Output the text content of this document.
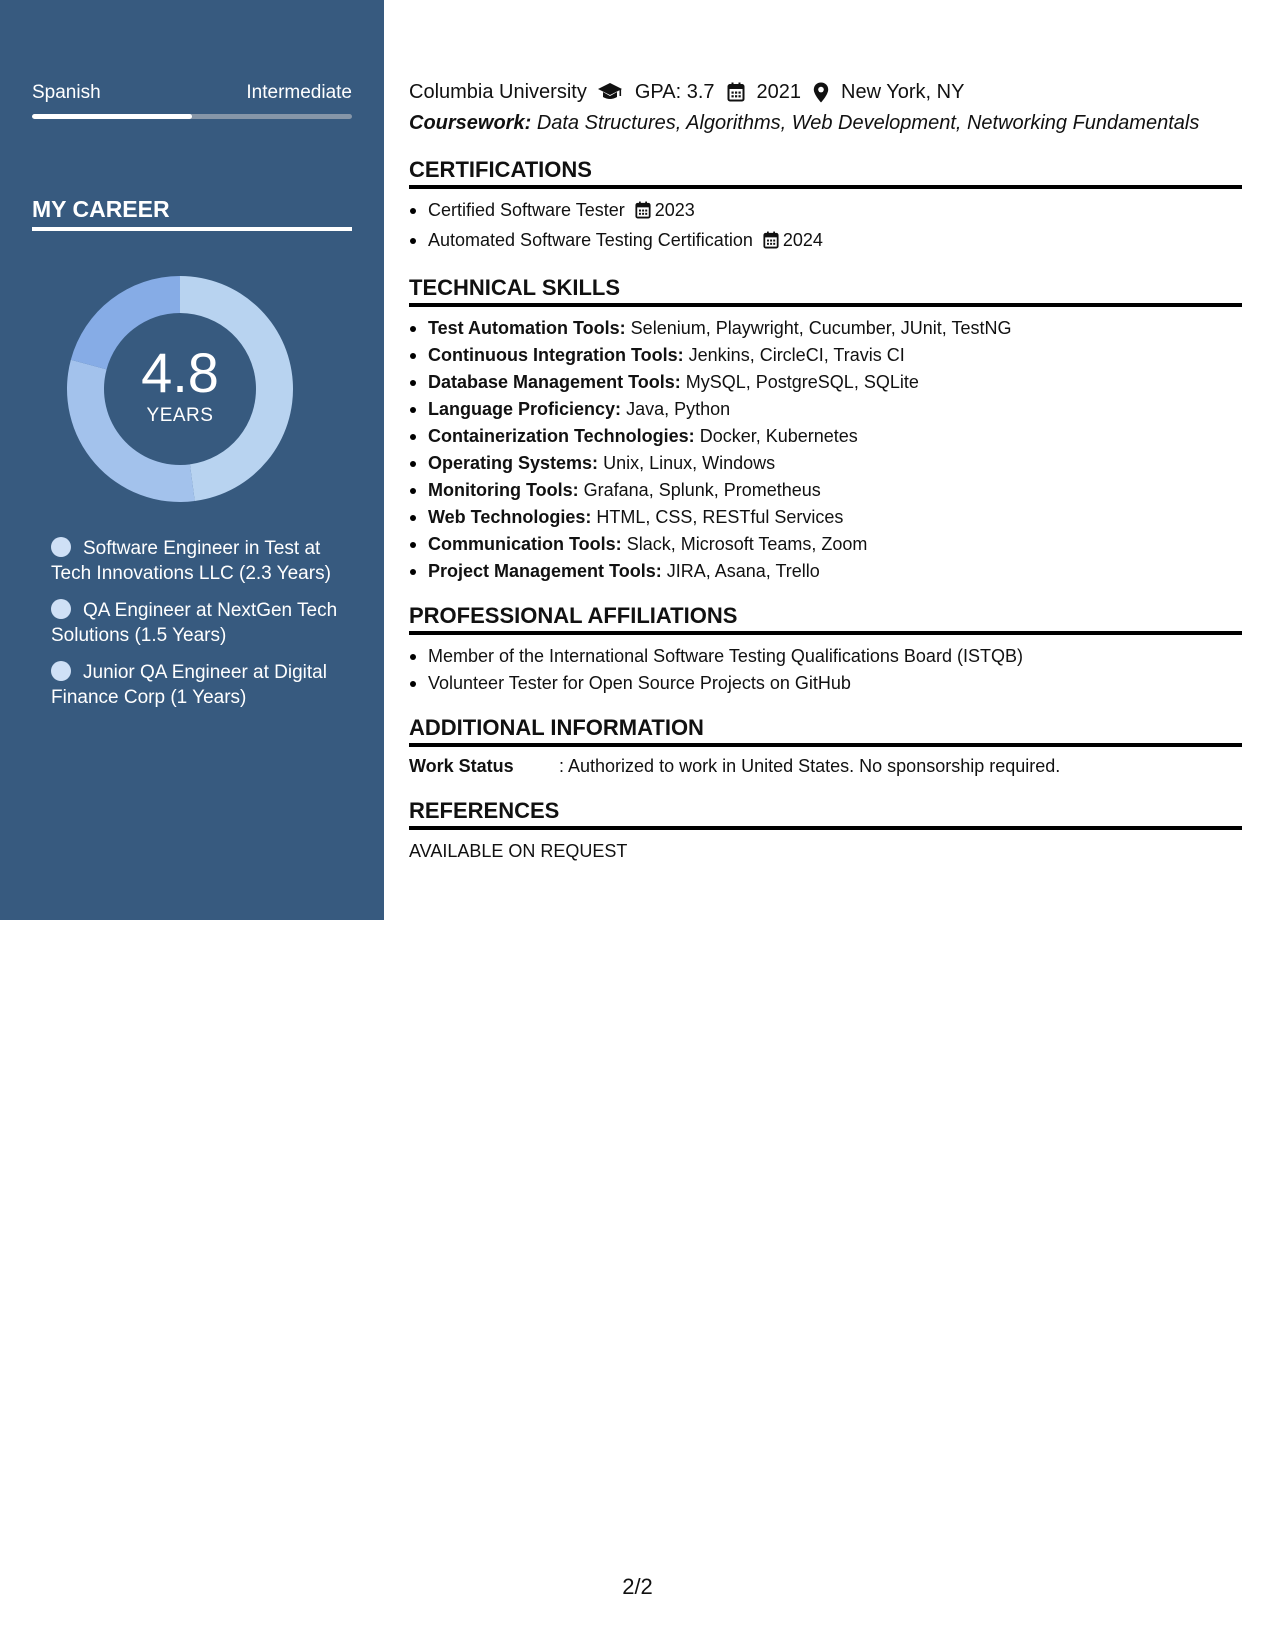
Spanish	Intermediate
MY CAREER
4.8
YEARS
Software Engineer in Test at Tech Innovations LLC (2.3 Years)
QA Engineer at NextGen Tech Solutions (1.5 Years)
Junior QA Engineer at Digital Finance Corp (1 Years)
Columbia University GPA: 3.7 2021 New York, NY
Coursework: Data Structures, Algorithms, Web Development, Networking Fundamentals
CERTIFICATIONS
Certified Software Tester 2023
Automated Software Testing Certification 2024
TECHNICAL SKILLS
Test Automation Tools: Selenium, Playwright, Cucumber, JUnit, TestNG
Continuous Integration Tools: Jenkins, CircleCI, Travis CI
Database Management Tools: MySQL, PostgreSQL, SQLite
Language Proficiency: Java, Python
Containerization Technologies: Docker, Kubernetes
Operating Systems: Unix, Linux, Windows
Monitoring Tools: Grafana, Splunk, Prometheus
Web Technologies: HTML, CSS, RESTful Services
Communication Tools: Slack, Microsoft Teams, Zoom
Project Management Tools: JIRA, Asana, Trello
PROFESSIONAL AFFILIATIONS
Member of the International Software Testing Qualifications Board (ISTQB)
Volunteer Tester for Open Source Projects on GitHub
ADDITIONAL INFORMATION
Work Status	: Authorized to work in United States. No sponsorship required.
REFERENCES
AVAILABLE ON REQUEST
2/2
